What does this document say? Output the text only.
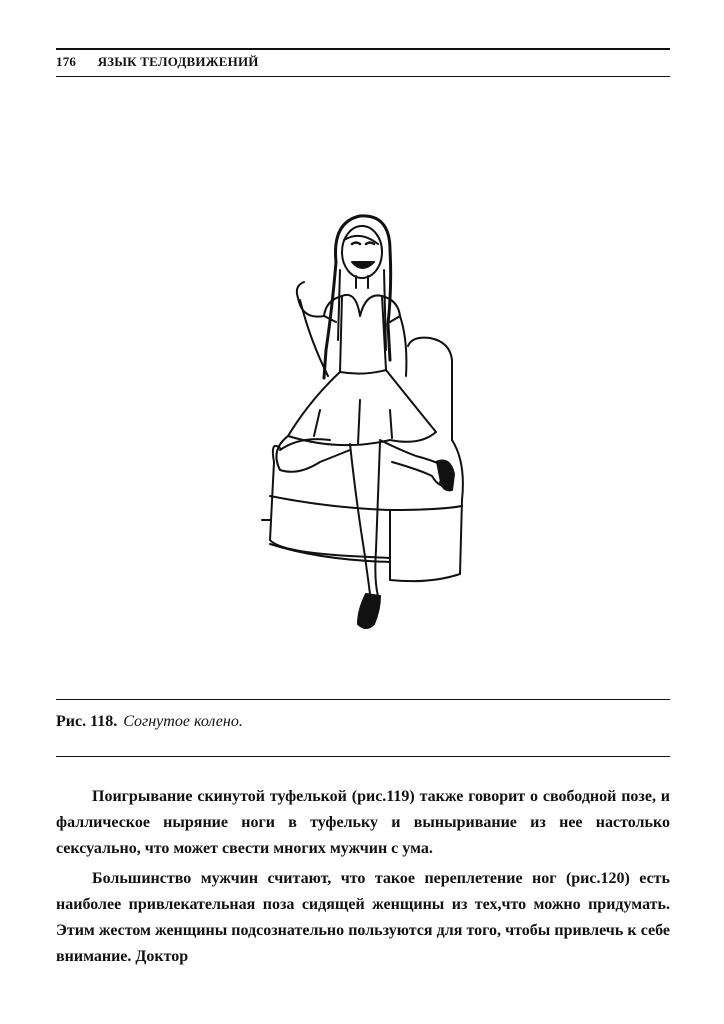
176 ЯЗЫК ТЕЛОДВИЖЕНИЙ
Рис. 118. Согнутое колено.

Поигрывание скинутой туфелькой (рис.119) также говорит о свободной позе, и фаллическое ныряние ноги в туфельку и выныривание из нее настолько сексуально, что может свести многих мужчин с ума.

Большинство мужчин считают, что такое переплетение ног (рис.120) есть наиболее привлекательная поза сидящей женщины из тех,что можно придумать. Этим жестом женщины подсознательно пользуются для того, чтобы привлечь к себе внимание. Доктор
